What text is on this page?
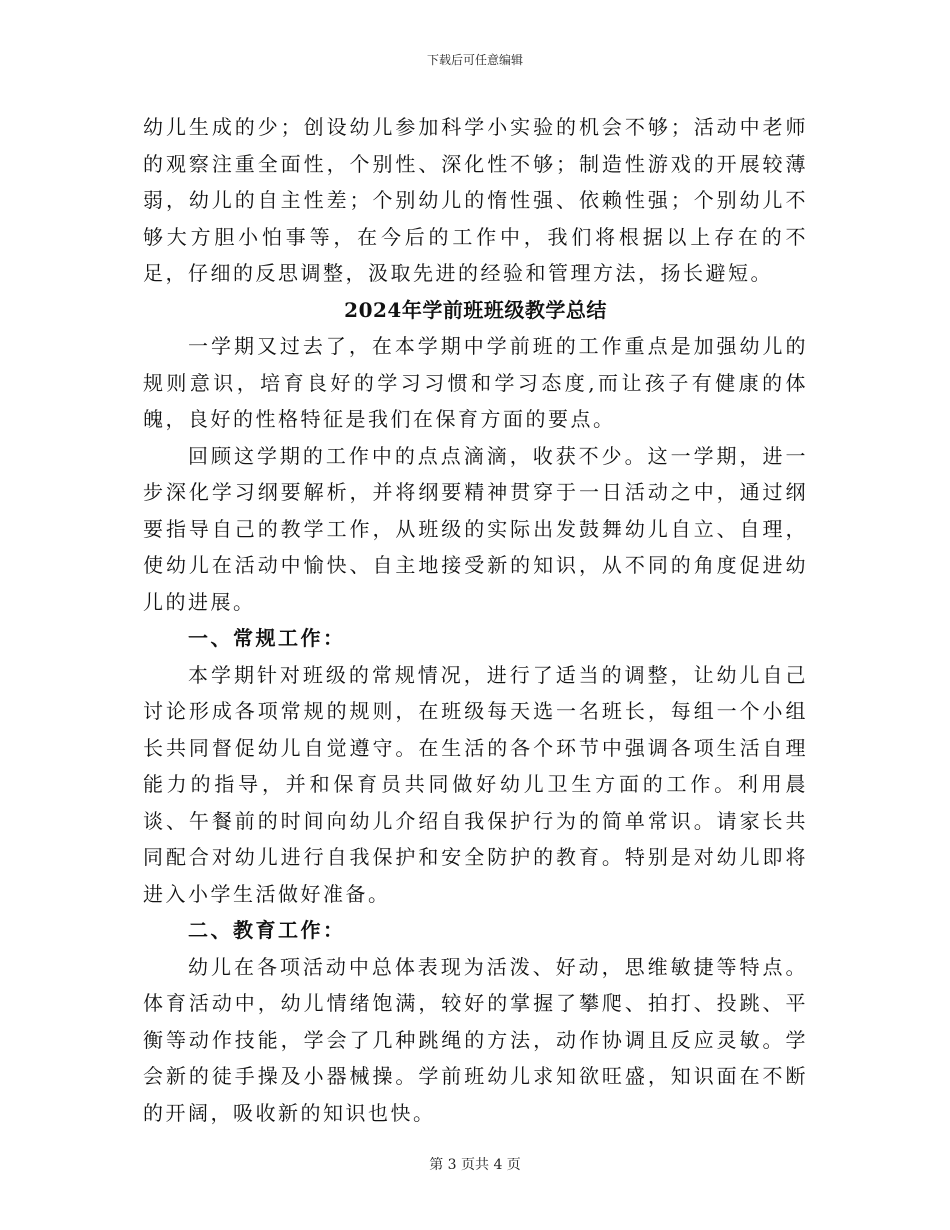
下载后可任意编辑

幼儿生成的少；创设幼儿参加科学小实验的机会不够；活动中老师的观察注重全面性，个别性、深化性不够；制造性游戏的开展较薄弱，幼儿的自主性差；个别幼儿的惰性强、依赖性强；个别幼儿不够大方胆小怕事等，在今后的工作中，我们将根据以上存在的不足，仔细的反思调整，汲取先进的经验和管理方法，扬长避短。

2024年学前班班级教学总结

一学期又过去了，在本学期中学前班的工作重点是加强幼儿的规则意识，培育良好的学习习惯和学习态度,而让孩子有健康的体魄，良好的性格特征是我们在保育方面的要点。

回顾这学期的工作中的点点滴滴，收获不少。这一学期，进一步深化学习纲要解析，并将纲要精神贯穿于一日活动之中，通过纲要指导自己的教学工作，从班级的实际出发鼓舞幼儿自立、自理，使幼儿在活动中愉快、自主地接受新的知识，从不同的角度促进幼儿的进展。

一、常规工作：

本学期针对班级的常规情况，进行了适当的调整，让幼儿自己讨论形成各项常规的规则，在班级每天选一名班长，每组一个小组长共同督促幼儿自觉遵守。在生活的各个环节中强调各项生活自理能力的指导，并和保育员共同做好幼儿卫生方面的工作。利用晨谈、午餐前的时间向幼儿介绍自我保护行为的简单常识。请家长共同配合对幼儿进行自我保护和安全防护的教育。特别是对幼儿即将进入小学生活做好准备。

二、教育工作：

幼儿在各项活动中总体表现为活泼、好动，思维敏捷等特点。体育活动中，幼儿情绪饱满，较好的掌握了攀爬、拍打、投跳、平衡等动作技能，学会了几种跳绳的方法，动作协调且反应灵敏。学会新的徒手操及小器械操。学前班幼儿求知欲旺盛，知识面在不断的开阔，吸收新的知识也快。

第 3 页共 4 页
